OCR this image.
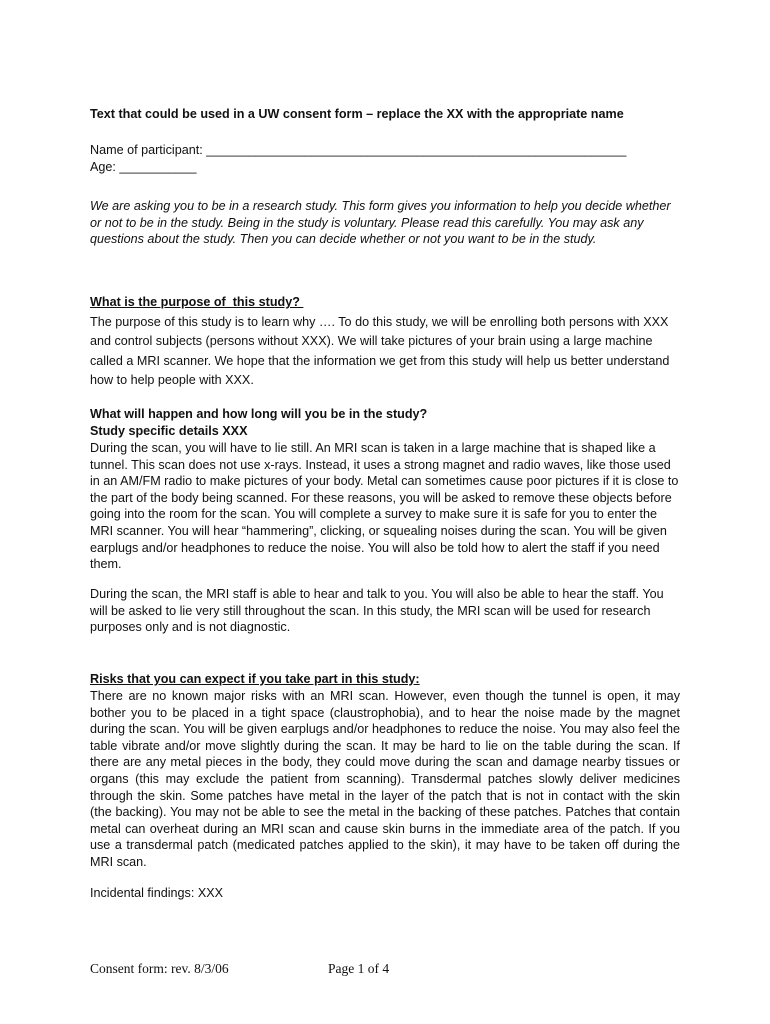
Text that could be used in a UW consent form – replace the XX with the appropriate name

Name of participant: ____________________________________________________________
Age: ___________

We are asking you to be in a research study. This form gives you information to help you decide whether or not to be in the study. Being in the study is voluntary. Please read this carefully. You may ask any questions about the study. Then you can decide whether or not you want to be in the study.

What is the purpose of  this study?

The purpose of this study is to learn why …. To do this study, we will be enrolling both persons with XXX and control subjects (persons without XXX). We will take pictures of your brain using a large machine called a MRI scanner. We hope that the information we get from this study will help us better understand how to help people with XXX.

What will happen and how long will you be in the study?
Study specific details XXX

During the scan, you will have to lie still. An MRI scan is taken in a large machine that is shaped like a tunnel. This scan does not use x-rays. Instead, it uses a strong magnet and radio waves, like those used in an AM/FM radio to make pictures of your body. Metal can sometimes cause poor pictures if it is close to the part of the body being scanned. For these reasons, you will be asked to remove these objects before going into the room for the scan. You will complete a survey to make sure it is safe for you to enter the MRI scanner. You will hear “hammering”, clicking, or squealing noises during the scan. You will be given earplugs and/or headphones to reduce the noise. You will also be told how to alert the staff if you need them.

During the scan, the MRI staff is able to hear and talk to you. You will also be able to hear the staff. You will be asked to lie very still throughout the scan. In this study, the MRI scan will be used for research purposes only and is not diagnostic.

Risks that you can expect if you take part in this study:

There are no known major risks with an MRI scan. However, even though the tunnel is open, it may bother you to be placed in a tight space (claustrophobia), and to hear the noise made by the magnet during the scan. You will be given earplugs and/or headphones to reduce the noise. You may also feel the table vibrate and/or move slightly during the scan. It may be hard to lie on the table during the scan. If there are any metal pieces in the body, they could move during the scan and damage nearby tissues or organs (this may exclude the patient from scanning). Transdermal patches slowly deliver medicines through the skin. Some patches have metal in the layer of the patch that is not in contact with the skin (the backing). You may not be able to see the metal in the backing of these patches. Patches that contain metal can overheat during an MRI scan and cause skin burns in the immediate area of the patch. If you use a transdermal patch (medicated patches applied to the skin), it may have to be taken off during the MRI scan.

Incidental findings: XXX

Consent form: rev. 8/3/06	Page 1 of 4
